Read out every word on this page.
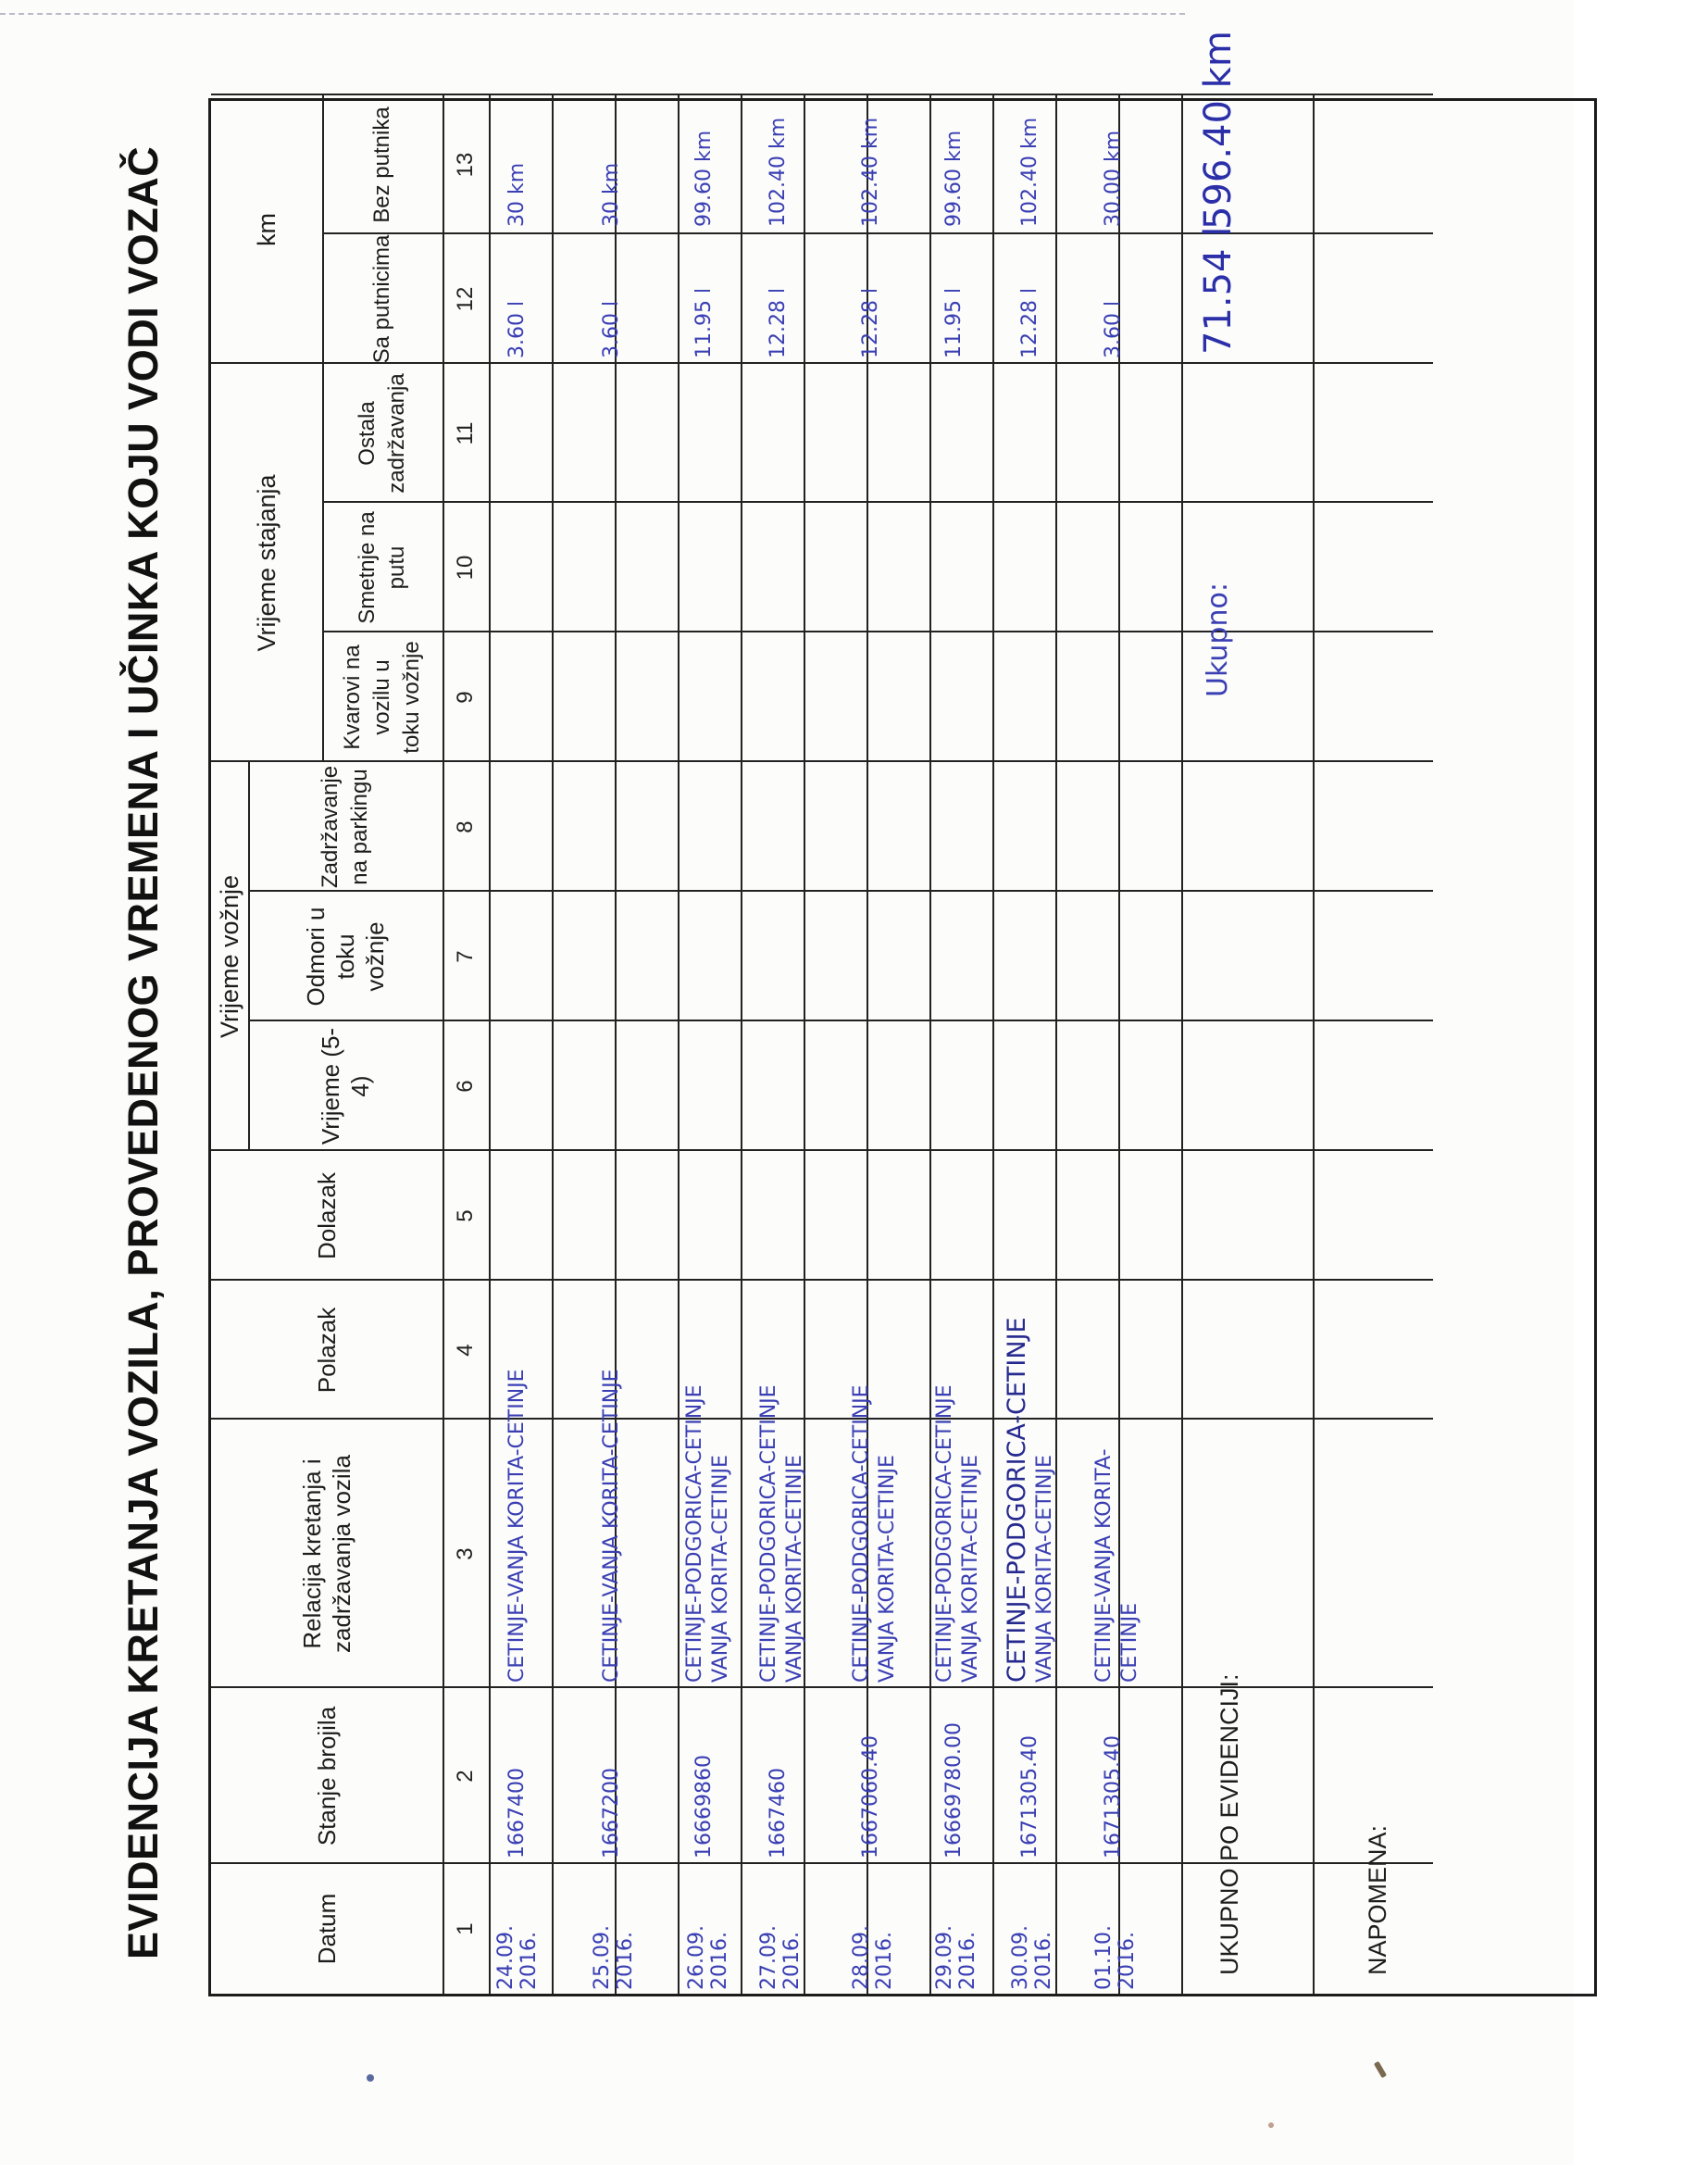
EVIDENCIJA KRETANJA VOZILA, PROVEDENOG VREMENA I UČINKA KOJU VODI VOZAČ	Vrijeme vožnje
Vrijeme stajanja
km
Datum
Stanje brojila
Relacija kretanja i zadržavanja vozila
Polazak
Dolazak
Vrijeme (5-4)
Odmori u toku vožnje
Zadržavanje na parkingu
Kvarovi na vozilu u toku vožnje
Smetnje na putu
Ostala zadržavanja
Sa putnicima
Bez putnika
1
2
3
4
5
6
7
8
9
10
11
12
13
24.09. 2016.
1667400
CETINJE-VANJA KORITA-CETINJE
3.60 l
30 km
25.09. 2016.
1667200
CETINJE-VANJA KORITA-CETINJE
3.60 l
30 km
26.09. 2016.
16669860
CETINJE-PODGORICA-CETINJE VANJA KORITA-CETINJE
11.95 l
99.60 km
27.09. 2016.
1667460
CETINJE-PODGORICA-CETINJE VANJA KORITA-CETINJE
12.28 l
102.40 km
28.09. 2016.
1667060.40
CETINJE-PODGORICA-CETINJE VANJA KORITA-CETINJE
12.28 l
102.40 km
29.09. 2016.
16669780.00
CETINJE-PODGORICA-CETINJE VANJA KORITA-CETINJE
11.95 l
99.60 km
30.09. 2016.
1671305.40
CETINJE-PODGORICA-CETINJE VANJA KORITA-CETINJE
12.28 l
102.40 km
01.10. 2016.
1671305.40
CETINJE-VANJA KORITA- CETINJE
3.60 l
30.00 km
UKUPNO PO EVIDENCIJI:
Ukupno:
71.54 l
596.40 km
NAPOMENA:
